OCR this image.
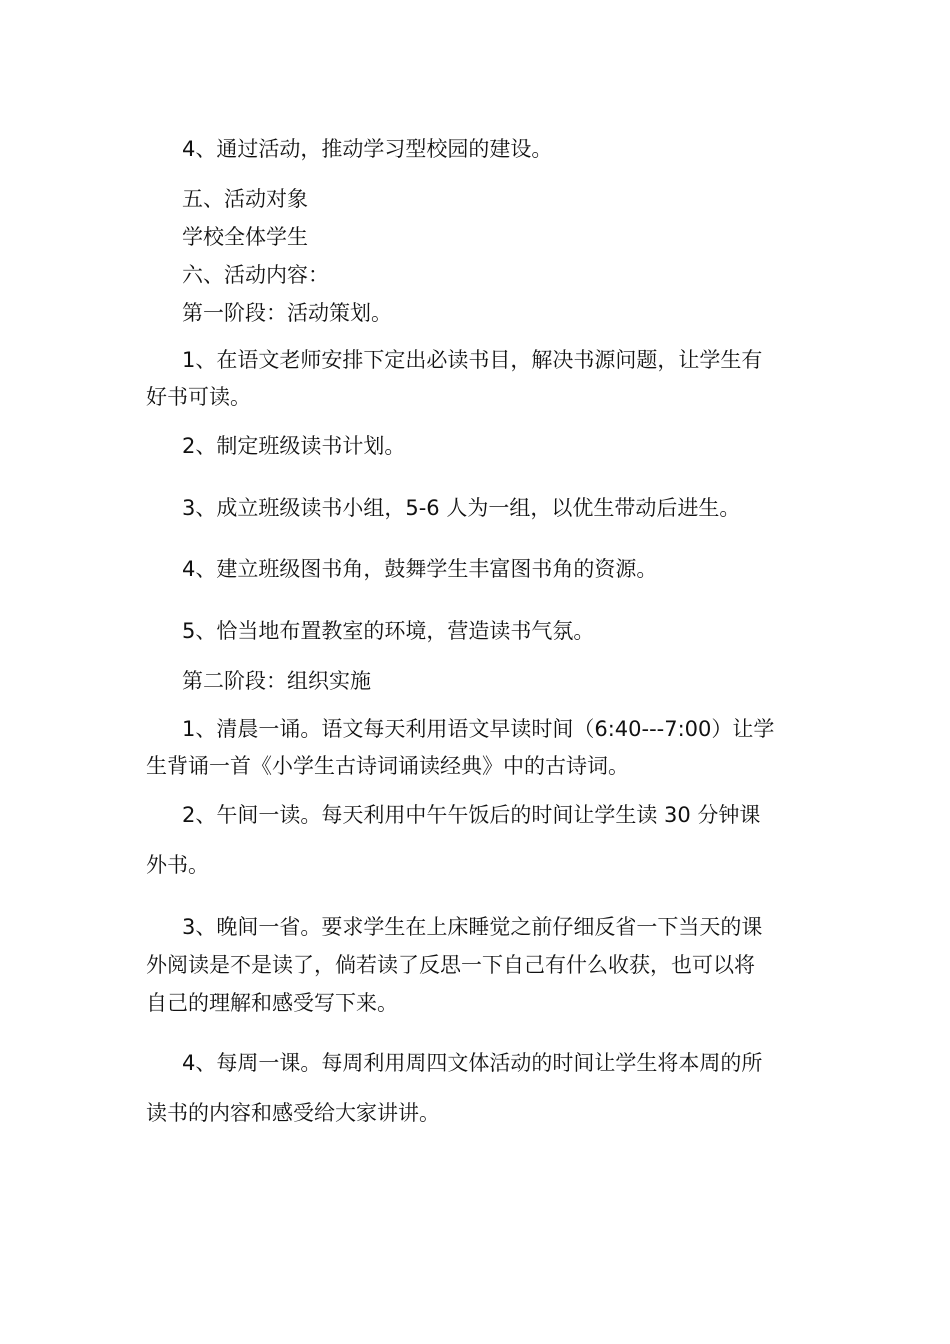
4、通过活动，推动学习型校园的建设。
五、活动对象
学校全体学生
六、活动内容：
第一阶段：活动策划。
1、在语文老师安排下定出必读书目，解决书源问题，让学生有
好书可读。
2、制定班级读书计划。
3、成立班级读书小组，5-6 人为一组，以优生带动后进生。
4、建立班级图书角，鼓舞学生丰富图书角的资源。
5、恰当地布置教室的环境，营造读书气氛。
第二阶段：组织实施
1、清晨一诵。语文每天利用语文早读时间（6:40---7:00）让学
生背诵一首《小学生古诗词诵读经典》中的古诗词。
2、午间一读。每天利用中午午饭后的时间让学生读 30 分钟课
外书。
3、晚间一省。要求学生在上床睡觉之前仔细反省一下当天的课
外阅读是不是读了，倘若读了反思一下自己有什么收获，也可以将
自己的理解和感受写下来。
4、每周一课。每周利用周四文体活动的时间让学生将本周的所
读书的内容和感受给大家讲讲。
